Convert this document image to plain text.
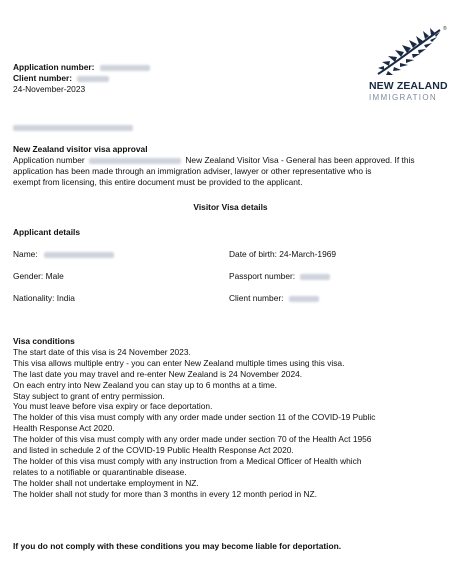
Application number:
Client number:
24-November-2023
®
NEW ZEALAND
IMMIGRATION
New Zealand visitor visa approval
Application number	New Zealand Visitor Visa - General has been approved. If this
application has been made through an immigration adviser, lawyer or other representative who is
exempt from licensing, this entire document must be provided to the applicant.
Visitor Visa details
Applicant details
Name:	Date of birth: 24-March-1969
Gender: Male	Passport number:
Nationality: India	Client number:
Visa conditions
The start date of this visa is 24 November 2023.
This visa allows multiple entry - you can enter New Zealand multiple times using this visa.
The last date you may travel and re-enter New Zealand is 24 November 2024.
On each entry into New Zealand you can stay up to 6 months at a time.
Stay subject to grant of entry permission.
You must leave before visa expiry or face deportation.
The holder of this visa must comply with any order made under section 11 of the COVID-19 Public
Health Response Act 2020.
The holder of this visa must comply with any order made under section 70 of the Health Act 1956
and listed in schedule 2 of the COVID-19 Public Health Response Act 2020.
The holder of this visa must comply with any instruction from a Medical Officer of Health which
relates to a notifiable or quarantinable disease.
The holder shall not undertake employment in NZ.
The holder shall not study for more than 3 months in every 12 month period in NZ.
If you do not comply with these conditions you may become liable for deportation.
